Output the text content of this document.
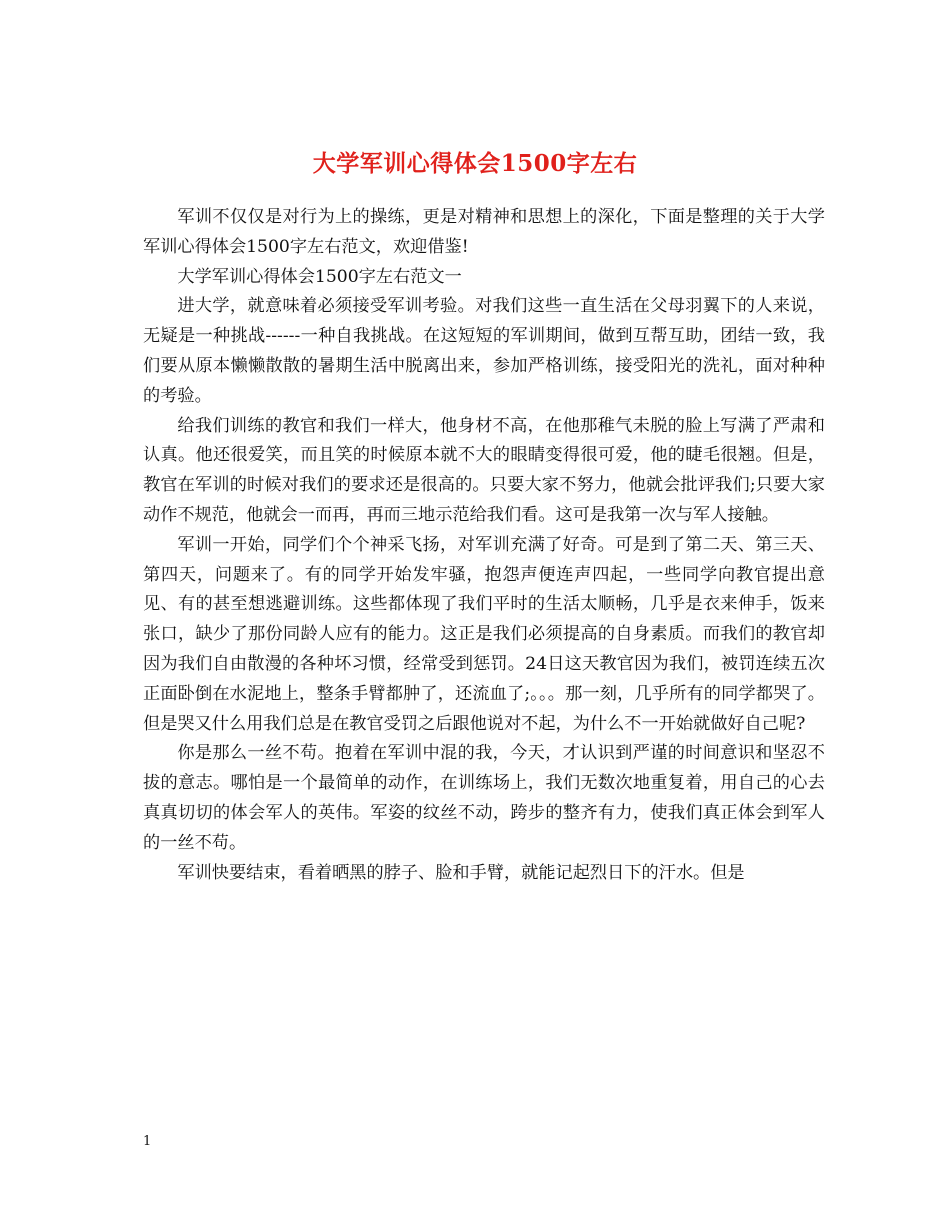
大学军训心得体会1500字左右

军训不仅仅是对行为上的操练，更是对精神和思想上的深化，下面是整理的关于大学军训心得体会1500字左右范文，欢迎借鉴!

大学军训心得体会1500字左右范文一

进大学，就意味着必须接受军训考验。对我们这些一直生活在父母羽翼下的人来说，无疑是一种挑战------一种自我挑战。在这短短的军训期间，做到互帮互助，团结一致，我们要从原本懒懒散散的暑期生活中脱离出来，参加严格训练，接受阳光的洗礼，面对种种的考验。

给我们训练的教官和我们一样大，他身材不高，在他那稚气未脱的脸上写满了严肃和认真。他还很爱笑，而且笑的时候原本就不大的眼睛变得很可爱，他的睫毛很翘。但是，教官在军训的时候对我们的要求还是很高的。只要大家不努力，他就会批评我们;只要大家动作不规范，他就会一而再，再而三地示范给我们看。这可是我第一次与军人接触。

军训一开始，同学们个个神采飞扬，对军训充满了好奇。可是到了第二天、第三天、第四天，问题来了。有的同学开始发牢骚，抱怨声便连声四起，一些同学向教官提出意见、有的甚至想逃避训练。这些都体现了我们平时的生活太顺畅，几乎是衣来伸手，饭来张口，缺少了那份同龄人应有的能力。这正是我们必须提高的自身素质。而我们的教官却因为我们自由散漫的各种坏习惯，经常受到惩罚。24日这天教官因为我们，被罚连续五次正面卧倒在水泥地上，整条手臂都肿了，还流血了;。。。那一刻，几乎所有的同学都哭了。但是哭又什么用我们总是在教官受罚之后跟他说对不起，为什么不一开始就做好自己呢?

你是那么一丝不苟。抱着在军训中混的我，今天，才认识到严谨的时间意识和坚忍不拔的意志。哪怕是一个最简单的动作，在训练场上，我们无数次地重复着，用自己的心去真真切切的体会军人的英伟。军姿的纹丝不动，跨步的整齐有力，使我们真正体会到军人的一丝不苟。

军训快要结束，看着晒黑的脖子、脸和手臂，就能记起烈日下的汗水。但是

1
